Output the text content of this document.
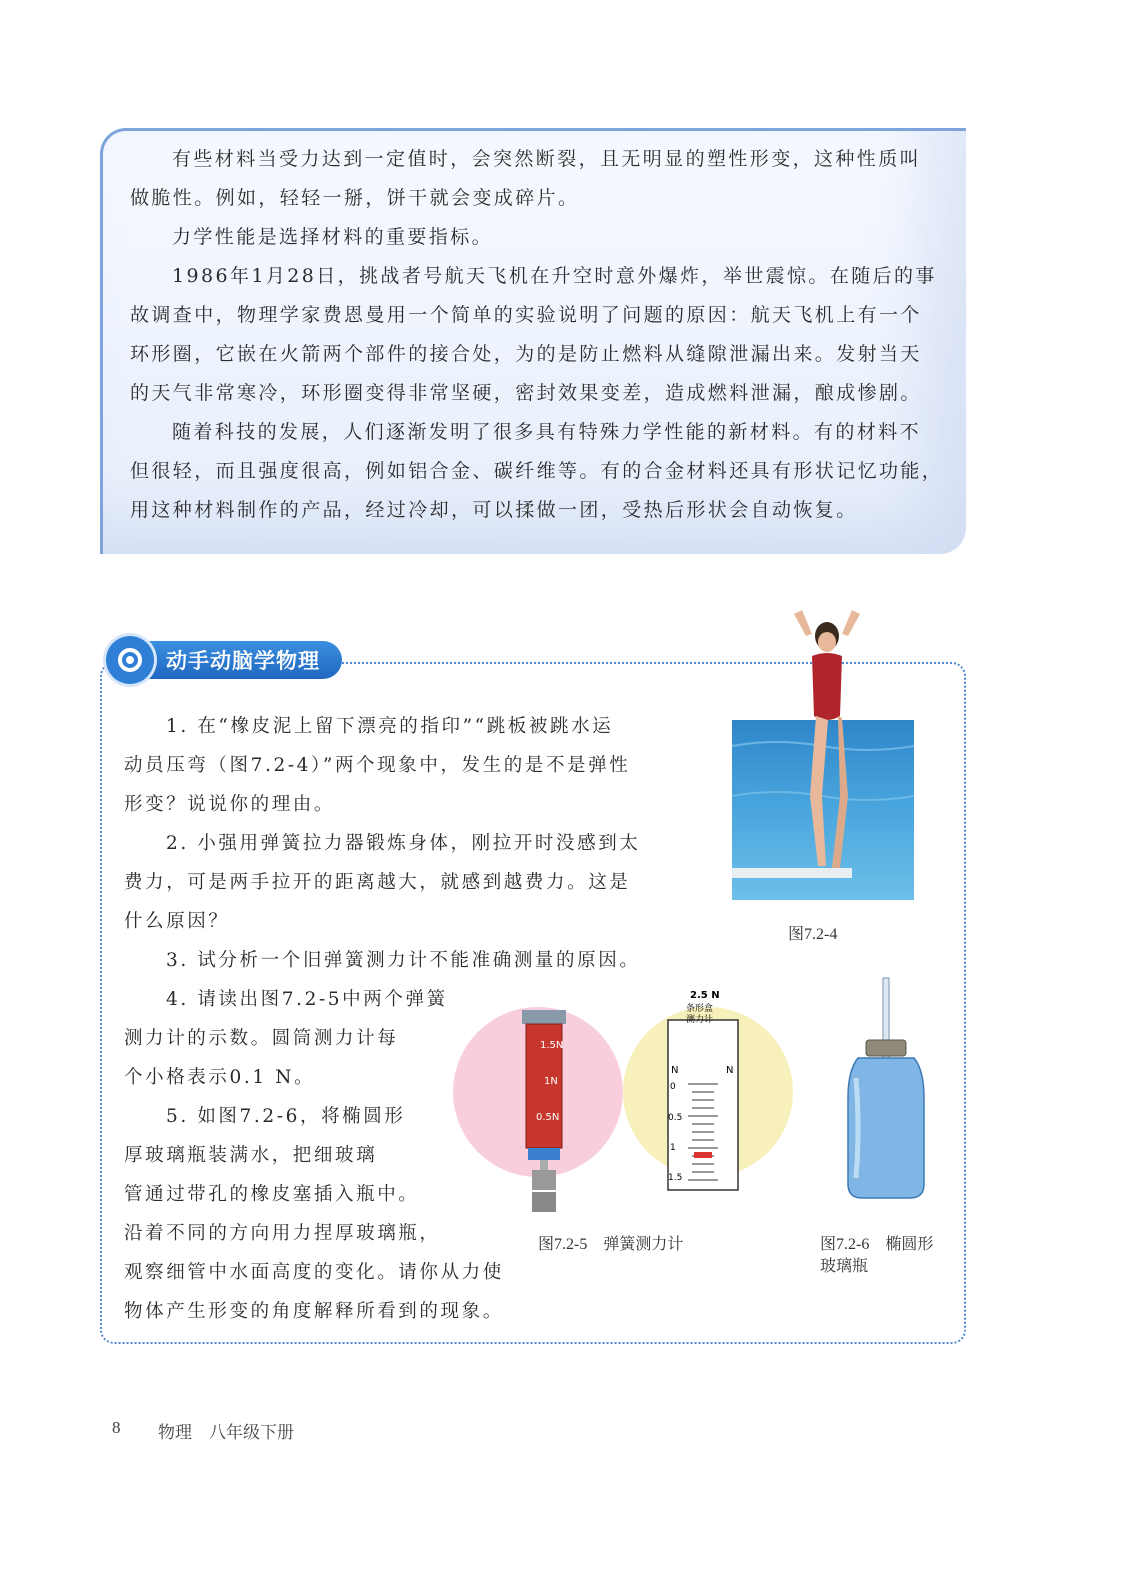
有些材料当受力达到一定值时，会突然断裂，且无明显的塑性形变，这种性质叫

做脆性。例如，轻轻一掰，饼干就会变成碎片。

力学性能是选择材料的重要指标。

1986年1月28日，挑战者号航天飞机在升空时意外爆炸，举世震惊。在随后的事

故调查中，物理学家费恩曼用一个简单的实验说明了问题的原因：航天飞机上有一个

环形圈，它嵌在火箭两个部件的接合处，为的是防止燃料从缝隙泄漏出来。发射当天

的天气非常寒冷，环形圈变得非常坚硬，密封效果变差，造成燃料泄漏，酿成惨剧。

随着科技的发展，人们逐渐发明了很多具有特殊力学性能的新材料。有的材料不

但很轻，而且强度很高，例如铝合金、碳纤维等。有的合金材料还具有形状记忆功能，

用这种材料制作的产品，经过冷却，可以揉做一团，受热后形状会自动恢复。

动手动脑学物理

1. 在“橡皮泥上留下漂亮的指印”“跳板被跳水运

动员压弯（图7.2-4）”两个现象中，发生的是不是弹性

形变？说说你的理由。

2. 小强用弹簧拉力器锻炼身体，刚拉开时没感到太

费力，可是两手拉开的距离越大，就感到越费力。这是

什么原因？

3. 试分析一个旧弹簧测力计不能准确测量的原因。

4. 请读出图7.2-5中两个弹簧

测力计的示数。圆筒测力计每

个小格表示0.1 N。

5. 如图7.2-6，将椭圆形

厚玻璃瓶装满水，把细玻璃

管通过带孔的橡皮塞插入瓶中。

沿着不同的方向用力捏厚玻璃瓶，

观察细管中水面高度的变化。请你从力使

物体产生形变的角度解释所看到的现象。

图7.2-4
1.5N
1N
0.5N
2.5 N
条形盒
测力计
N	N
0
0.5
1
1.5
图7.2-5　弹簧测力计	图7.2-6　椭圆形
玻璃瓶
8 物理　八年级下册
